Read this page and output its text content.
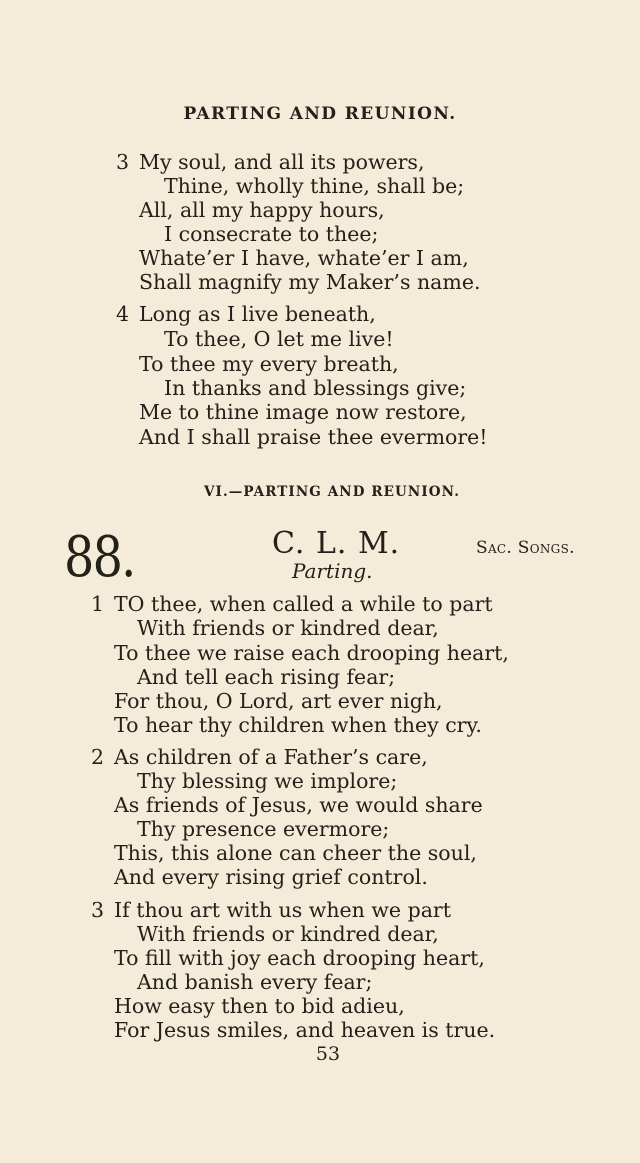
PARTING AND REUNION.
3 My soul, and all its powers,
Thine, wholly thine, shall be;
All, all my happy hours,
I consecrate to thee;
Whate’er I have, whate’er I am,
Shall magnify my Maker’s name.
4 Long as I live beneath,
To thee, O let me live!
To thee my every breath,
In thanks and blessings give;
Me to thine image now restore,
And I shall praise thee evermore!
VI.—PARTING AND REUNION.
88.	C. L. M.	Sac. Songs.
Parting.
1 TO thee, when called a while to part
With friends or kindred dear,
To thee we raise each drooping heart,
And tell each rising fear;
For thou, O Lord, art ever nigh,
To hear thy children when they cry.
2 As children of a Father’s care,
Thy blessing we implore;
As friends of Jesus, we would share
Thy presence evermore;
This, this alone can cheer the soul,
And every rising grief control.
3 If thou art with us when we part
With friends or kindred dear,
To fill with joy each drooping heart,
And banish every fear;
How easy then to bid adieu,
For Jesus smiles, and heaven is true.
53
